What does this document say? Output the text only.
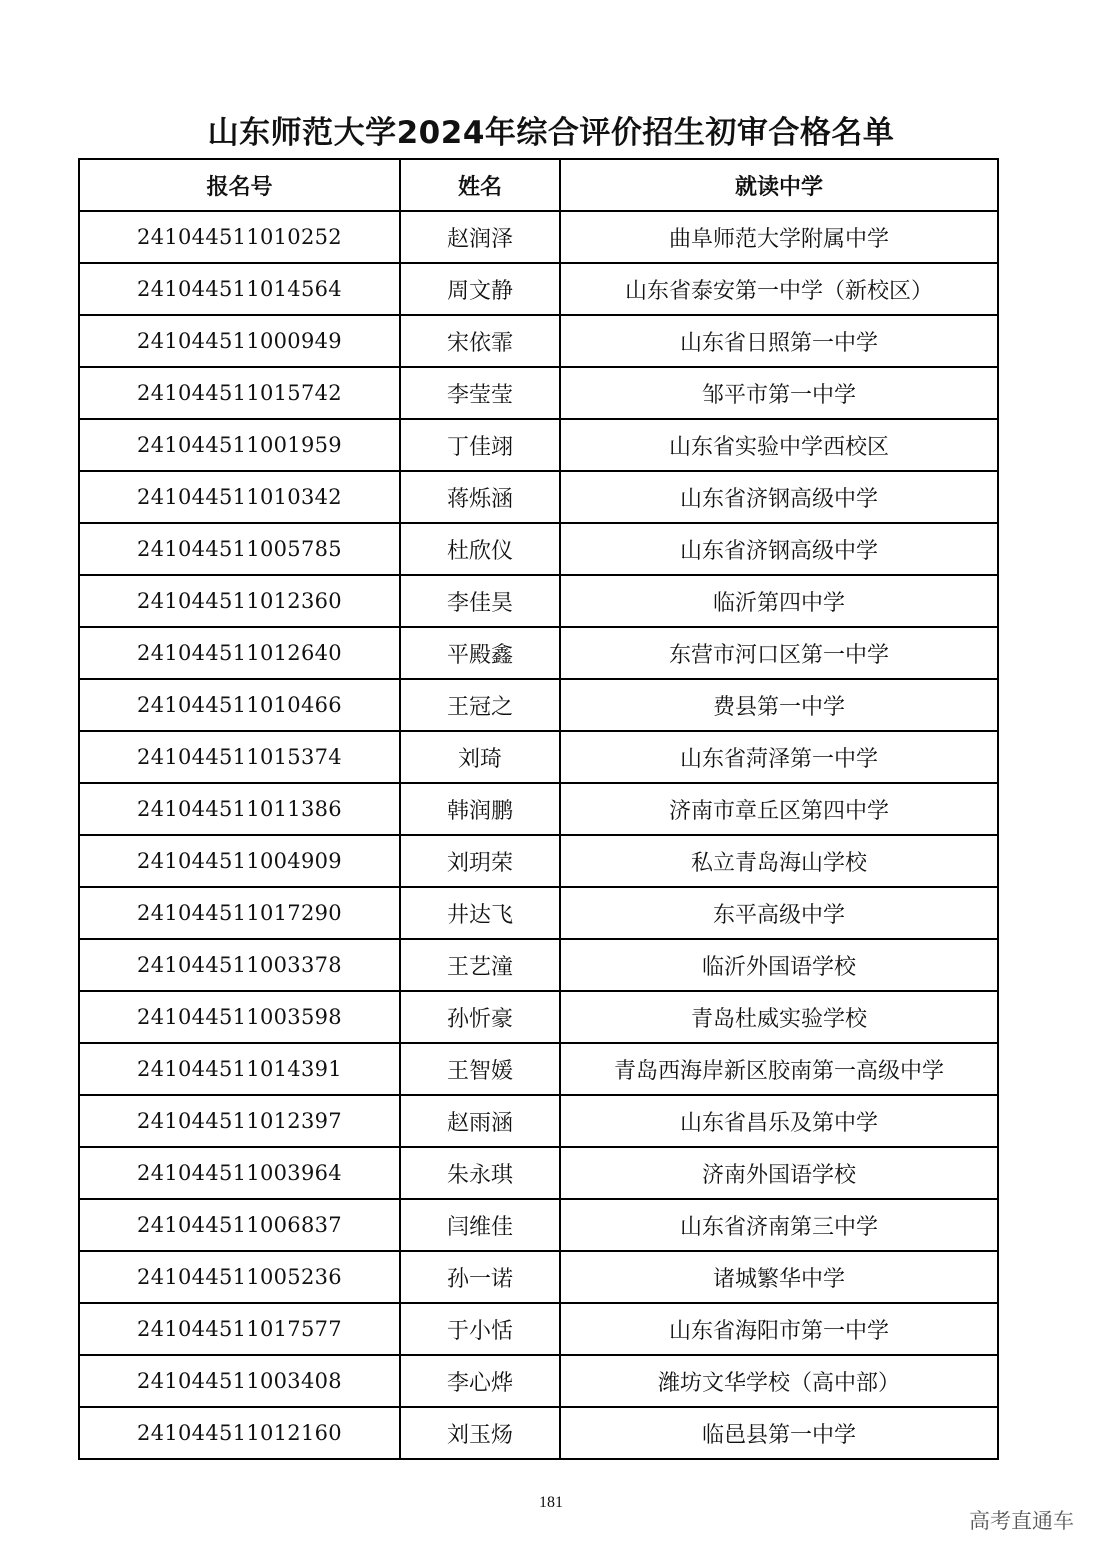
山东师范大学2024年综合评价招生初审合格名单
报名号	姓名	就读中学
241044511010252	赵润泽	曲阜师范大学附属中学
241044511014564	周文静	山东省泰安第一中学（新校区）
241044511000949	宋依霏	山东省日照第一中学
241044511015742	李莹莹	邹平市第一中学
241044511001959	丁佳翊	山东省实验中学西校区
241044511010342	蒋烁涵	山东省济钢高级中学
241044511005785	杜欣仪	山东省济钢高级中学
241044511012360	李佳昊	临沂第四中学
241044511012640	平殿鑫	东营市河口区第一中学
241044511010466	王冠之	费县第一中学
241044511015374	刘琦	山东省菏泽第一中学
241044511011386	韩润鹏	济南市章丘区第四中学
241044511004909	刘玥荣	私立青岛海山学校
241044511017290	井达飞	东平高级中学
241044511003378	王艺潼	临沂外国语学校
241044511003598	孙忻豪	青岛杜威实验学校
241044511014391	王智媛	青岛西海岸新区胶南第一高级中学
241044511012397	赵雨涵	山东省昌乐及第中学
241044511003964	朱永琪	济南外国语学校
241044511006837	闫维佳	山东省济南第三中学
241044511005236	孙一诺	诸城繁华中学
241044511017577	于小恬	山东省海阳市第一中学
241044511003408	李心烨	潍坊文华学校（高中部）
241044511012160	刘玉炀	临邑县第一中学
181
高考直通车
